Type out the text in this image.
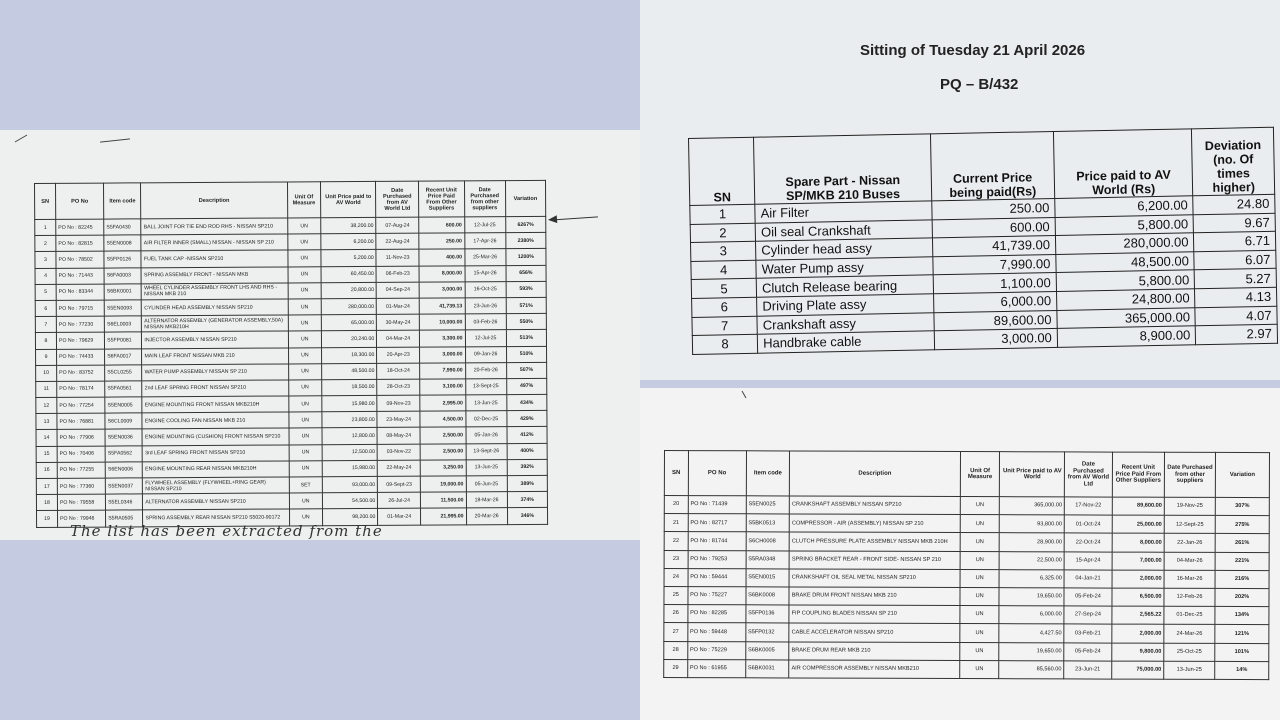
SN	PO No	Item code	Description	Unit Of Measure	Unit Price paid to AV World	Date Purchased from AV World Ltd	Recent Unit Price Paid From Other Suppliers	Date Purchased from other suppliers	Variation
1	PO No : 82245	S5FA0430	BALL JOINT FOR TIE END ROD RHS - NISSAN SP210	UN	38,200.00	07-Aug-24	600.00	12-Jul-25	6267%
2	PO No : 82815	S5EN0008	AIR FILTER INNER (SMALL) NISSAN - NISSAN SP 210	UN	6,200.00	22-Aug-24	250.00	17-Apr-26	2380%
3	PO No : 78502	S5FP0126	FUEL TANK CAP -NISSAN SP210	UN	5,200.00	11-Nov-23	400.00	25-Mar-26	1200%
4	PO No : 71443	S6FA0003	SPRING ASSEMBLY FRONT - NISSAN MKB	UN	60,450.00	06-Feb-23	8,000.00	15-Apr-26	656%
5	PO No : 83344	S6BK0001	WHEEL CYLINDER ASSEMBLY FRONT LHS AND RHS - NISSAN MKB 210	UN	20,800.00	04-Sep-24	3,000.00	16-Oct-25	593%
6	PO No : 79715	S5EN0093	CYLINDER HEAD ASSEMBLY NISSAN SP210	UN	280,000.00	01-Mar-24	41,739.13	23-Jun-26	571%
7	PO No : 77230	S6EL0003	ALTERNATOR ASSEMBLY (GENERATOR ASSEMBLY,50A) NISSAN MKB210H	UN	65,000.00	30-May-24	10,000.00	03-Feb-26	550%
8	PO No : 79629	S5FP0081	INJECTOR ASSEMBLY NISSAN SP210	UN	20,240.00	04-Mar-24	3,300.00	12-Jul-25	513%
9	PO No : 74433	S6FA0017	MAIN LEAF FRONT NISSAN MKB 210	UN	18,300.00	20-Apr-23	3,000.00	09-Jan-26	510%
10	PO No : 83752	S5CL0255	WATER PUMP ASSEMBLY NISSAN SP 210	UN	48,500.00	18-Oct-24	7,990.00	20-Feb-26	507%
11	PO No : 78174	S5FA0561	2nd LEAF SPRING FRONT NISSAN SP210	UN	18,500.00	28-Oct-23	3,100.00	13-Sept-25	497%
12	PO No : 77254	S5EN0005	ENGINE MOUNTING FRONT NISSAN MKB210H	UN	15,980.00	09-Nov-23	2,995.00	13-Jun-25	434%
13	PO No : 76881	S6CL0009	ENGINE COOLING FAN NISSAN MKB 210	UN	23,800.00	23-May-24	4,500.00	02-Dec-25	429%
14	PO No : 77906	S5EN0036	ENGINE MOUNTING (CUSHION) FRONT NISSAN SP210	UN	12,800.00	08-May-24	2,500.00	05-Jan-26	412%
15	PO No : 70406	S5FA0562	3rd LEAF SPRING FRONT NISSAN SP210	UN	12,500.00	03-Nov-22	2,500.00	13-Sept-26	400%
16	PO No : 77255	S6EN0006	ENGINE MOUNTING REAR NISSAN MKB210H	UN	15,980.00	22-May-24	3,250.00	13-Jun-25	392%
17	PO No : 77360	S5EN0037	FLYWHEEL ASSEMBLY (FLYWHEEL+RING GEAR) NISSAN SP210	SET	93,000.00	09-Sept-23	19,000.00	05-Jun-25	389%
18	PO No : 79558	S5EL0346	ALTERNATOR ASSEMBLY NISSAN SP210	UN	54,500.00	26-Jul-24	11,500.00	18-Mar-26	374%
19	PO No : 79946	S5RA0505	SPRING ASSEMBLY REAR NISSAN SP210 S5020-90172	UN	98,200.00	01-Mar-24	21,995.00	20-Mar-26	346%
The list has been extracted from the
Sitting of Tuesday 21 April 2026
PQ – B/432
SN	Spare Part - Nissan SP/MKB 210 Buses	Current Price being paid(Rs)	Price paid to AV World (Rs)	Deviation (no. Of times higher)
1	Air Filter	250.00	6,200.00	24.80
2	Oil seal Crankshaft	600.00	5,800.00	9.67
3	Cylinder head assy	41,739.00	280,000.00	6.71
4	Water Pump assy	7,990.00	48,500.00	6.07
5	Clutch Release bearing	1,100.00	5,800.00	5.27
6	Driving Plate assy	6,000.00	24,800.00	4.13
7	Crankshaft assy	89,600.00	365,000.00	4.07
8	Handbrake cable	3,000.00	8,900.00	2.97
SN	PO No	Item code	Description	Unit Of Measure	Unit Price paid to AV World	Date Purchased from AV World Ltd	Recent Unit Price Paid From Other Suppliers	Date Purchased from other suppliers	Variation
20	PO No : 71439	S5EN0025	CRANKSHAFT ASSEMBLY NISSAN SP210	UN	365,000.00	17-Nov-22	89,600.00	19-Nov-25	307%
21	PO No : 82717	S5BK0513	COMPRESSOR - AIR (ASSEMBLY) NISSAN SP 210	UN	93,800.00	01-Oct-24	25,000.00	12-Sept-25	275%
22	PO No : 81744	S6CH0008	CLUTCH PRESSURE PLATE ASSEMBLY NISSAN MKB 210H	UN	28,900.00	22-Oct-24	8,000.00	22-Jan-26	261%
23	PO No : 79253	S5RA0348	SPRING BRACKET REAR - FRONT SIDE- NISSAN SP 210	UN	22,500.00	15-Apr-24	7,000.00	04-Mar-26	221%
24	PO No : 59444	S5EN0015	CRANKSHAFT OIL SEAL METAL NISSAN SP210	UN	6,325.00	04-Jan-21	2,000.00	16-Mar-26	216%
25	PO No : 75227	S6BK0008	BRAKE DRUM FRONT NISSAN MKB 210	UN	19,650.00	05-Feb-24	6,500.00	12-Feb-26	202%
26	PO No : 82285	S5FP0136	FIP COUPLING BLADES NISSAN SP 210	UN	6,000.00	27-Sep-24	2,565.22	01-Dec-25	134%
27	PO No : 59448	S5FP0132	CABLE ACCELERATOR NISSAN SP210	UN	4,427.50	03-Feb-21	2,000.00	24-Mar-26	121%
28	PO No : 75229	S6BK0005	BRAKE DRUM REAR MKB 210	UN	19,650.00	05-Feb-24	9,800.00	25-Oct-25	101%
29	PO No : 61955	S6BK0031	AIR COMPRESSOR ASSEMBLY NISSAN MKB210	UN	85,560.00	23-Jun-21	75,000.00	13-Jun-25	14%
